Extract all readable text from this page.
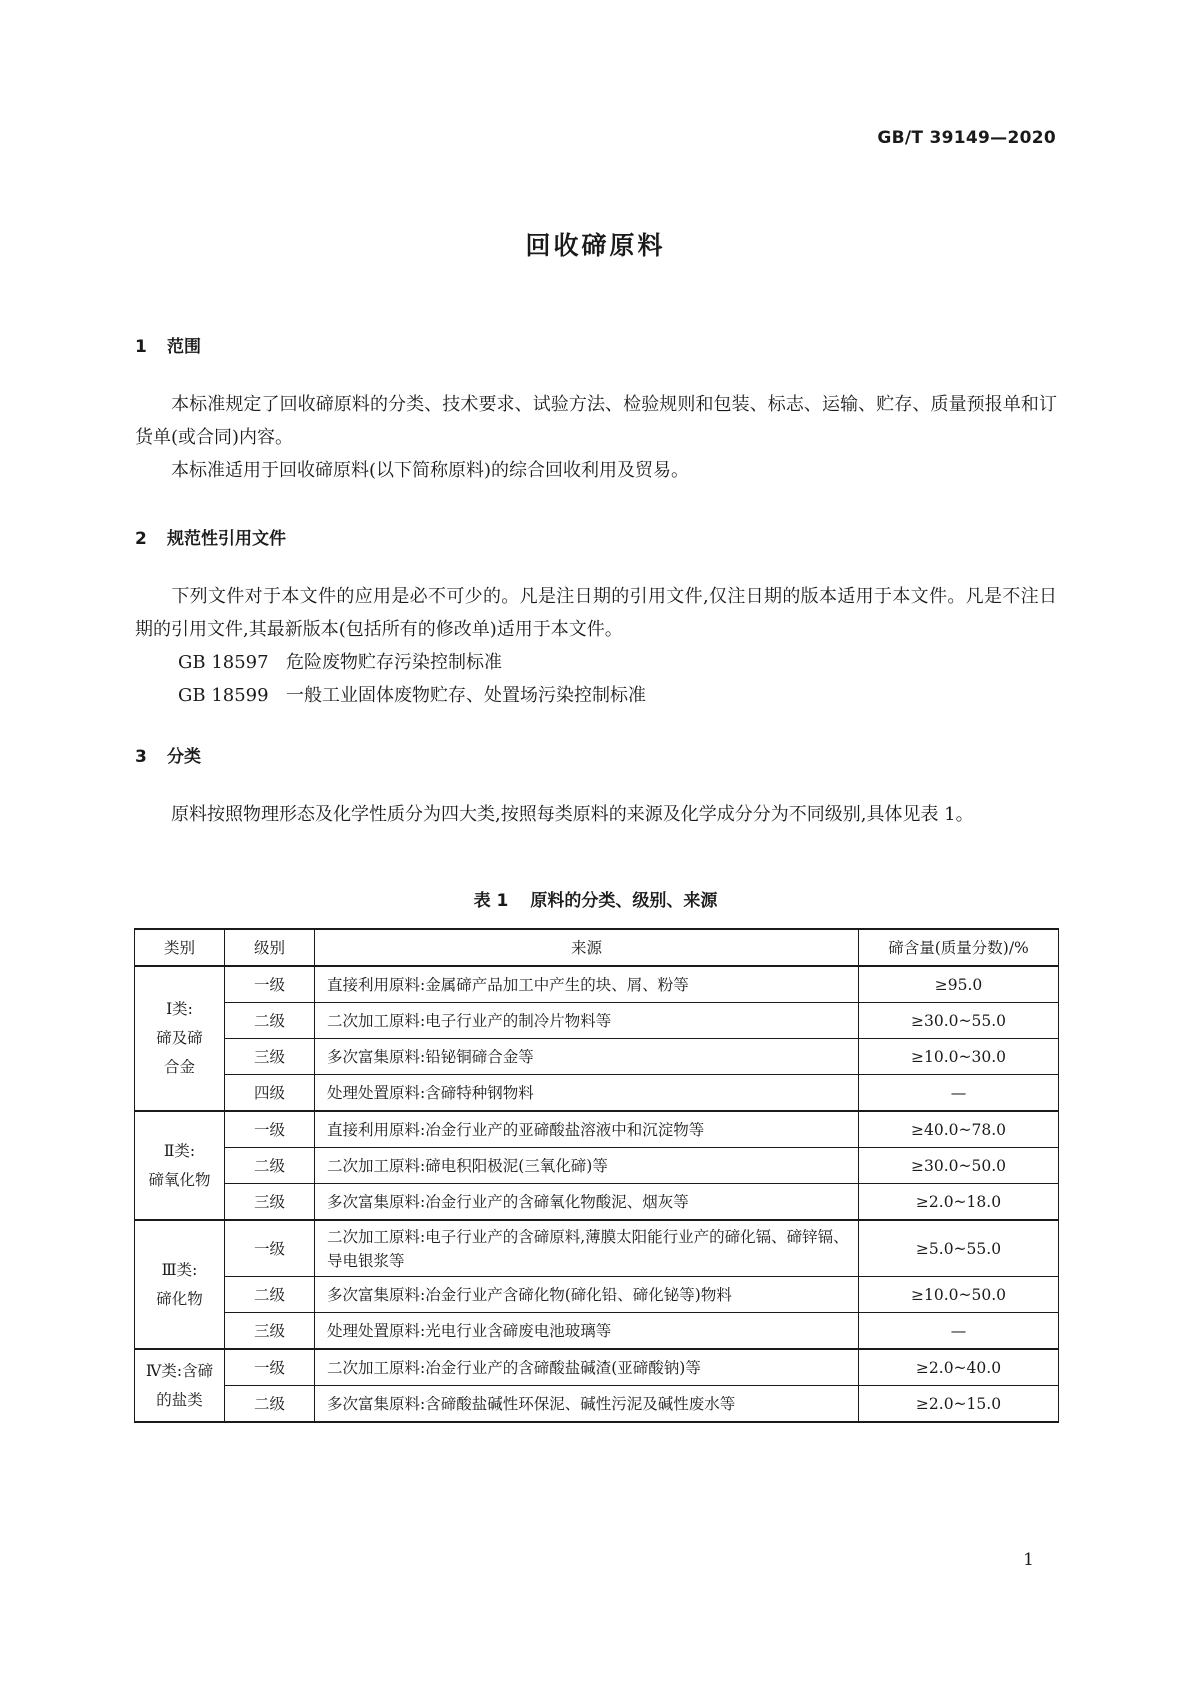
GB/T 39149—2020
回收碲原料
1 范围
本标准规定了回收碲原料的分类、技术要求、试验方法、检验规则和包装、标志、运输、贮存、质量预报单和订货单(或合同)内容。
本标准适用于回收碲原料(以下简称原料)的综合回收利用及贸易。
2 规范性引用文件
下列文件对于本文件的应用是必不可少的。凡是注日期的引用文件,仅注日期的版本适用于本文件。凡是不注日期的引用文件,其最新版本(包括所有的修改单)适用于本文件。
GB 18597 危险废物贮存污染控制标准
GB 18599 一般工业固体废物贮存、处置场污染控制标准
3 分类
原料按照物理形态及化学性质分为四大类,按照每类原料的来源及化学成分分为不同级别,具体见表 1。
表 1 原料的分类、级别、来源
类别	级别	来源	碲含量(质量分数)/%

Ⅰ类:
碲及碲
合金	一级	直接利用原料:金属碲产品加工中产生的块、屑、粉等	≥95.0
	二级	二次加工原料:电子行业产的制冷片物料等	≥30.0~55.0
	三级	多次富集原料:铅铋铜碲合金等	≥10.0~30.0
	四级	处理处置原料:含碲特种钢物料	—

Ⅱ类:
碲氧化物	一级	直接利用原料:冶金行业产的亚碲酸盐溶液中和沉淀物等	≥40.0~78.0
	二级	二次加工原料:碲电积阳极泥(三氧化碲)等	≥30.0~50.0
	三级	多次富集原料:冶金行业产的含碲氧化物酸泥、烟灰等	≥2.0~18.0

Ⅲ类:
碲化物	一级	二次加工原料:电子行业产的含碲原料,薄膜太阳能行业产的碲化镉、碲锌镉、导电银浆等	≥5.0~55.0
	二级	多次富集原料:冶金行业产含碲化物(碲化铅、碲化铋等)物料	≥10.0~50.0
	三级	处理处置原料:光电行业含碲废电池玻璃等	—

Ⅳ类:含碲
的盐类	一级	二次加工原料:冶金行业产的含碲酸盐碱渣(亚碲酸钠)等	≥2.0~40.0
	二级	多次富集原料:含碲酸盐碱性环保泥、碱性污泥及碱性废水等	≥2.0~15.0
1
